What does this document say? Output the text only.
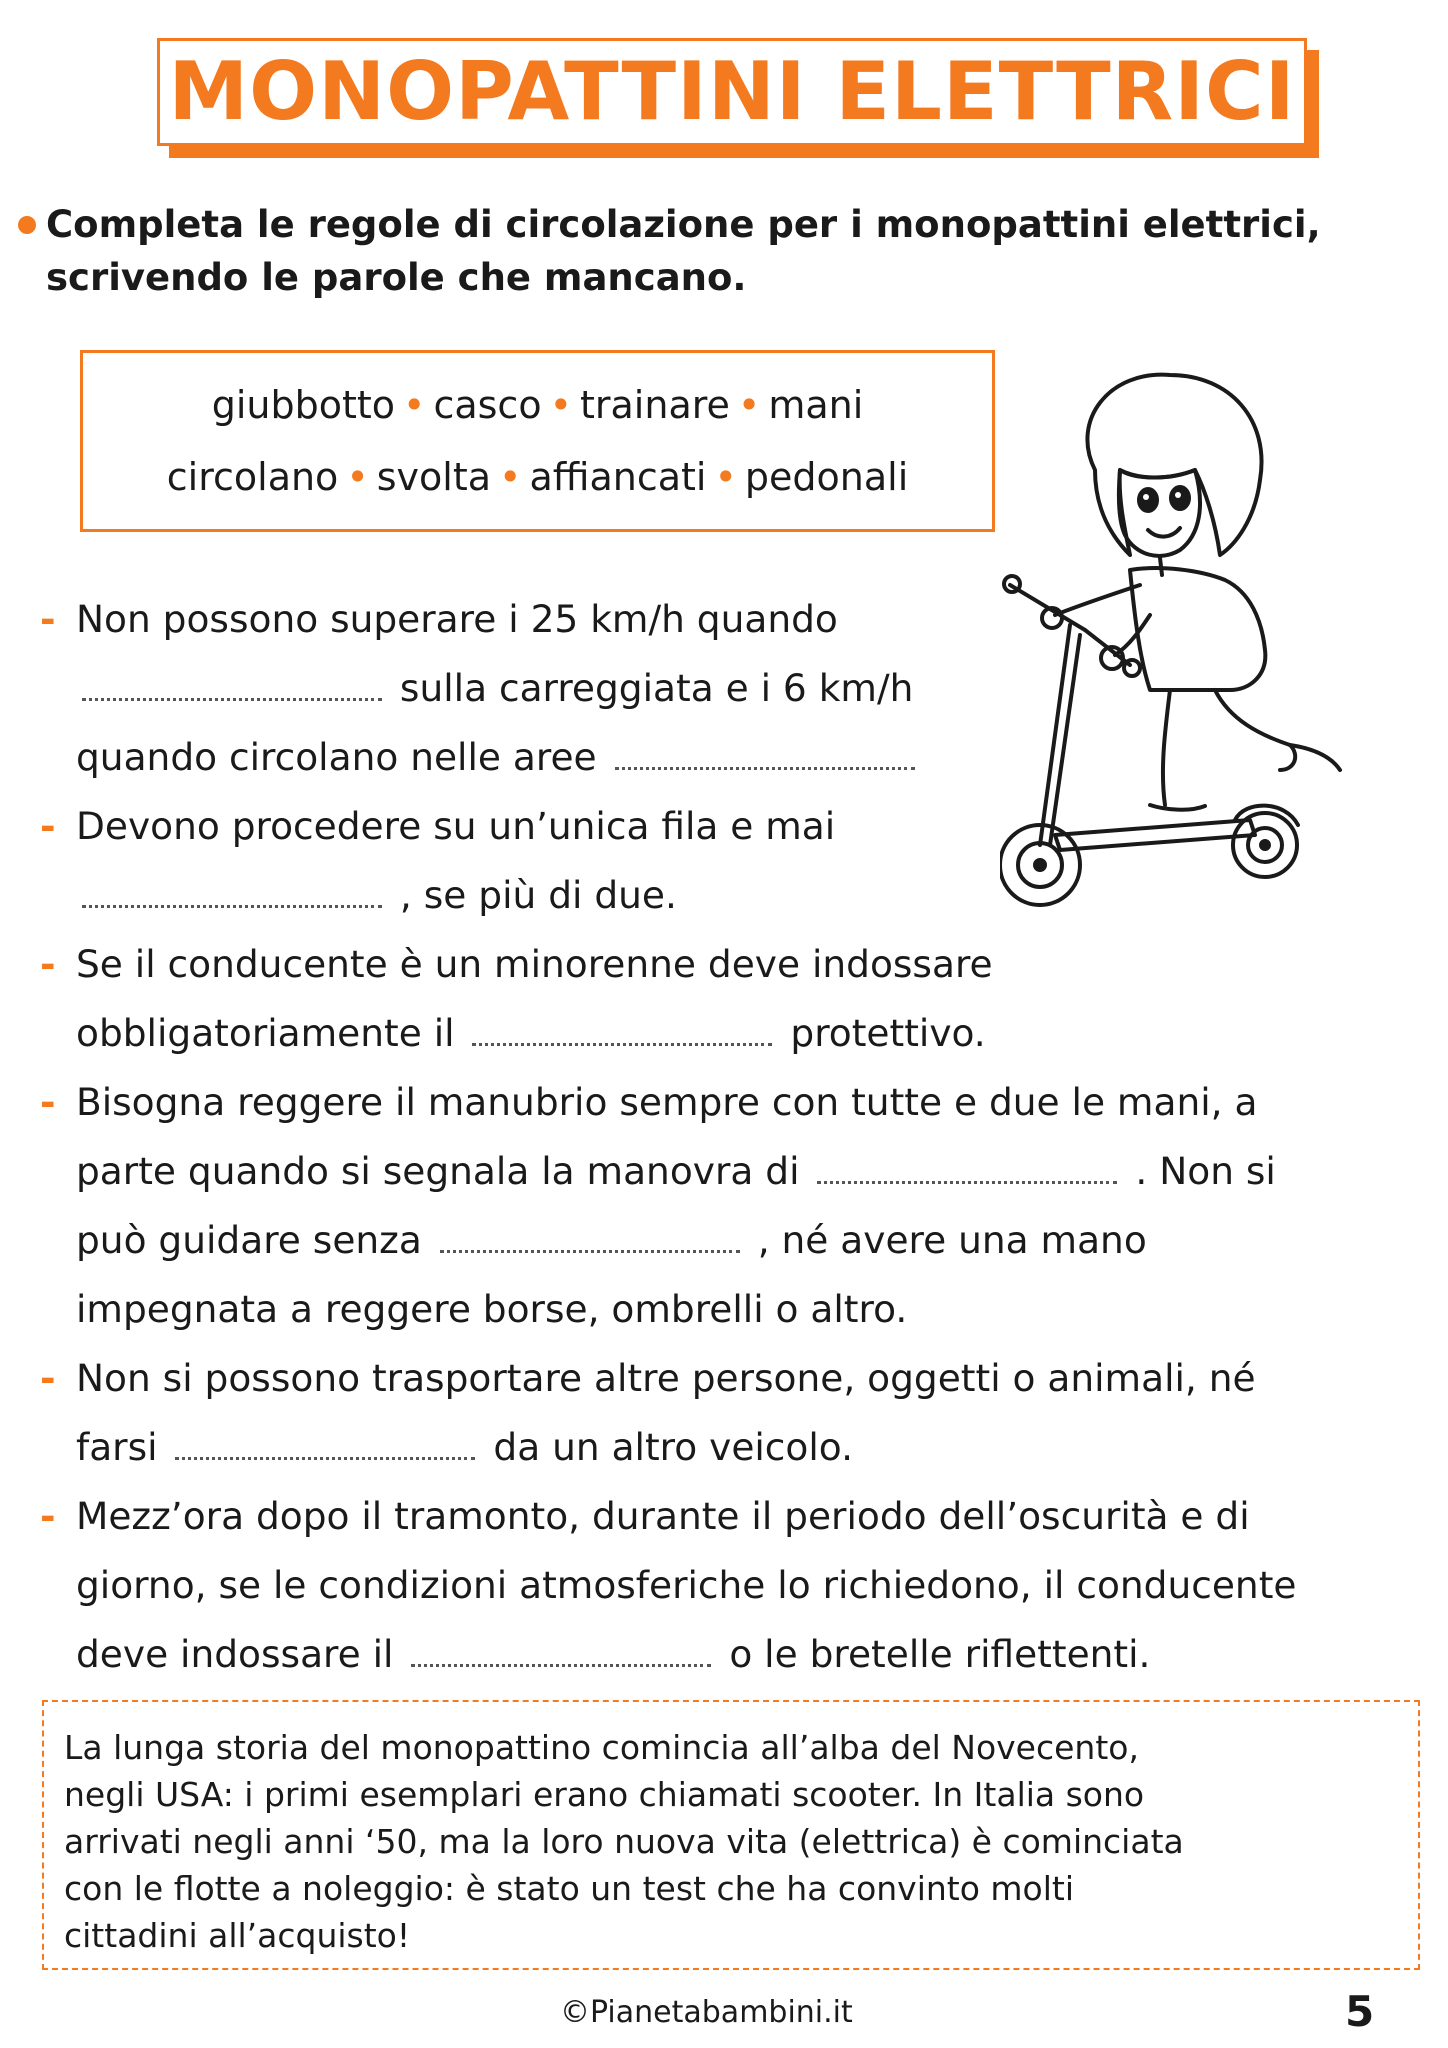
MONOPATTINI ELETTRICI
Completa le regole di circolazione per i monopattini elettrici,
scrivendo le parole che mancano.
giubbotto • casco • trainare • mani
circolano • svolta • affiancati • pedonali
- Non possono superare i 25 km/h quando
sulla carreggiata e i 6 km/h
quando circolano nelle aree
- Devono procedere su un’unica fila e mai
, se più di due.
- Se il conducente è un minorenne deve indossare
obbligatoriamente il	protettivo.
- Bisogna reggere il manubrio sempre con tutte e due le mani, a
parte quando si segnala la manovra di	. Non si
può guidare senza	, né avere una mano
impegnata a reggere borse, ombrelli o altro.
- Non si possono trasportare altre persone, oggetti o animali, né
farsi	da un altro veicolo.
- Mezz’ora dopo il tramonto, durante il periodo dell’oscurità e di
giorno, se le condizioni atmosferiche lo richiedono, il conducente
deve indossare il	o le bretelle riflettenti.
La lunga storia del monopattino comincia all’alba del Novecento,
negli USA: i primi esemplari erano chiamati scooter. In Italia sono
arrivati negli anni ‘50, ma la loro nuova vita (elettrica) è cominciata
con le flotte a noleggio: è stato un test che ha convinto molti
cittadini all’acquisto!
©Pianetabambini.it	5
